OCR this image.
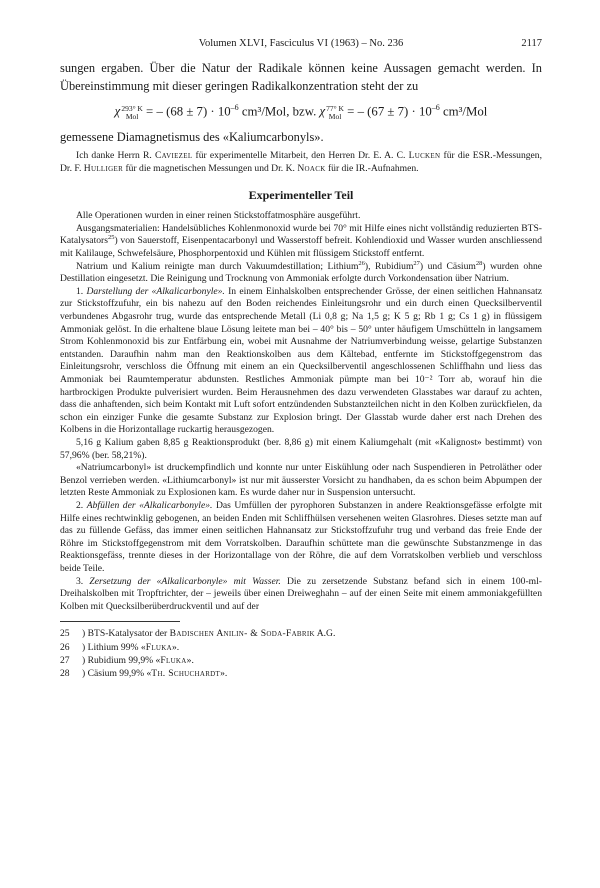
Volumen XLVI, Fasciculus VI (1963) – No. 236	2117

sungen ergaben. Über die Natur der Radikale können keine Aussagen gemacht werden. In Übereinstimmung mit dieser geringen Radikalkonzentration steht der zu

χ 293° K
Mol = – $(68 \pm 7) \cdot 10^{-6}$ cm³/Mol, bzw. χ 77° K
Mol = – $(67 \pm 7) \cdot 10^{-6}$ cm³/Mol

gemessene Diamagnetismus des «Kaliumcarbonyls».

Ich danke Herrn R. Caviezel für experimentelle Mitarbeit, den Herren Dr. E. A. C. Lucken für die ESR.-Messungen, Dr. F. Hulliger für die magnetischen Messungen und Dr. K. Noack für die IR.-Aufnahmen.

Experimenteller Teil

Alle Operationen wurden in einer reinen Stickstoffatmosphäre ausgeführt.

Ausgangsmaterialien: Handelsübliches Kohlenmonoxid wurde bei 70° mit Hilfe eines nicht vollständig reduzierten BTS-Katalysators$^{25}$) von Sauerstoff, Eisenpentacarbonyl und Wasserstoff befreit. Kohlendioxid und Wasser wurden anschliessend mit Kalilauge, Schwefelsäure, Phosphorpentoxid und Kühlen mit flüssigem Stickstoff entfernt.

Natrium und Kalium reinigte man durch Vakuumdestillation; Lithium$^{26}$), Rubidium$^{27}$) und Cäsium$^{28}$) wurden ohne Destillation eingesetzt. Die Reinigung und Trocknung von Ammoniak erfolgte durch Vorkondensation über Natrium.

1. Darstellung der «Alkalicarbonyle». In einem Einhalskolben entsprechender Grösse, der einen seitlichen Hahnansatz zur Stickstoffzufuhr, ein bis nahezu auf den Boden reichendes Einleitungsrohr und ein durch einen Quecksilberventil verbundenes Abgasrohr trug, wurde das entsprechende Metall (Li 0,8 g; Na 1,5 g; K 5 g; Rb 1 g; Cs 1 g) in flüssigem Ammoniak gelöst. In die erhaltene blaue Lösung leitete man bei – 40° bis – 50° unter häufigem Umschütteln in langsamem Strom Kohlenmonoxid bis zur Entfärbung ein, wobei mit Ausnahme der Natriumverbindung weisse, gelartige Substanzen entstanden. Daraufhin nahm man den Reaktionskolben aus dem Kältebad, entfernte im Stickstoffgegenstrom das Einleitungsrohr, verschloss die Öffnung mit einem an ein Quecksilberventil angeschlossenen Schliffhahn und liess das Ammoniak bei Raumtemperatur abdunsten. Restliches Ammoniak pümpte man bei 10⁻² Torr ab, worauf hin die hartbrockigen Produkte pulverisiert wurden. Beim Herausnehmen des dazu verwendeten Glasstabes war darauf zu achten, dass die anhaftenden, sich beim Kontakt mit Luft sofort entzündenden Substanzteilchen nicht in den Kolben zurückfielen, da schon ein einziger Funke die gesamte Substanz zur Explosion bringt. Der Glasstab wurde daher erst nach Drehen des Kolbens in die Horizontallage ruckartig herausgezogen.

5,16 g Kalium gaben 8,85 g Reaktionsprodukt (ber. 8,86 g) mit einem Kaliumgehalt (mit «Kalignost» bestimmt) von 57,96% (ber. 58,21%).

«Natriumcarbonyl» ist druckempfindlich und konnte nur unter Eiskühlung oder nach Suspendieren in Petroläther oder Benzol verrieben werden. «Lithiumcarbonyl» ist nur mit äusserster Vorsicht zu handhaben, da es schon beim Abpumpen der letzten Reste Ammoniak zu Explosionen kam. Es wurde daher nur in Suspension untersucht.

2. Abfüllen der «Alkalicarbonyle». Das Umfüllen der pyrophoren Substanzen in andere Reaktionsgefässe erfolgte mit Hilfe eines rechtwinklig gebogenen, an beiden Enden mit Schliffhülsen versehenen weiten Glasrohres. Dieses setzte man auf das zu füllende Gefäss, das immer einen seitlichen Hahnansatz zur Stickstoffzufuhr trug und verband das freie Ende der Röhre im Stickstoffgegenstrom mit dem Vorratskolben. Daraufhin schüttete man die gewünschte Substanzmenge in das Reaktionsgefäss, trennte dieses in der Horizontallage von der Röhre, die auf dem Vorratskolben verblieb und verschloss beide Teile.

3. Zersetzung der «Alkalicarbonyle» mit Wasser. Die zu zersetzende Substanz befand sich in einem 100-ml-Dreihalskolben mit Tropftrichter, der – jeweils über einen Dreiweghahn – auf der einen Seite mit einem ammoniakgefüllten Kolben mit Quecksilberüberdruckventil und auf der

25 ) BTS-Katalysator der Badischen Anilin- & Soda-Fabrik A.G.
26 ) Lithium 99% «Fluka».
27 ) Rubidium 99,9% «Fluka».
28 ) Cäsium 99,9% «Th. Schuchardt».
